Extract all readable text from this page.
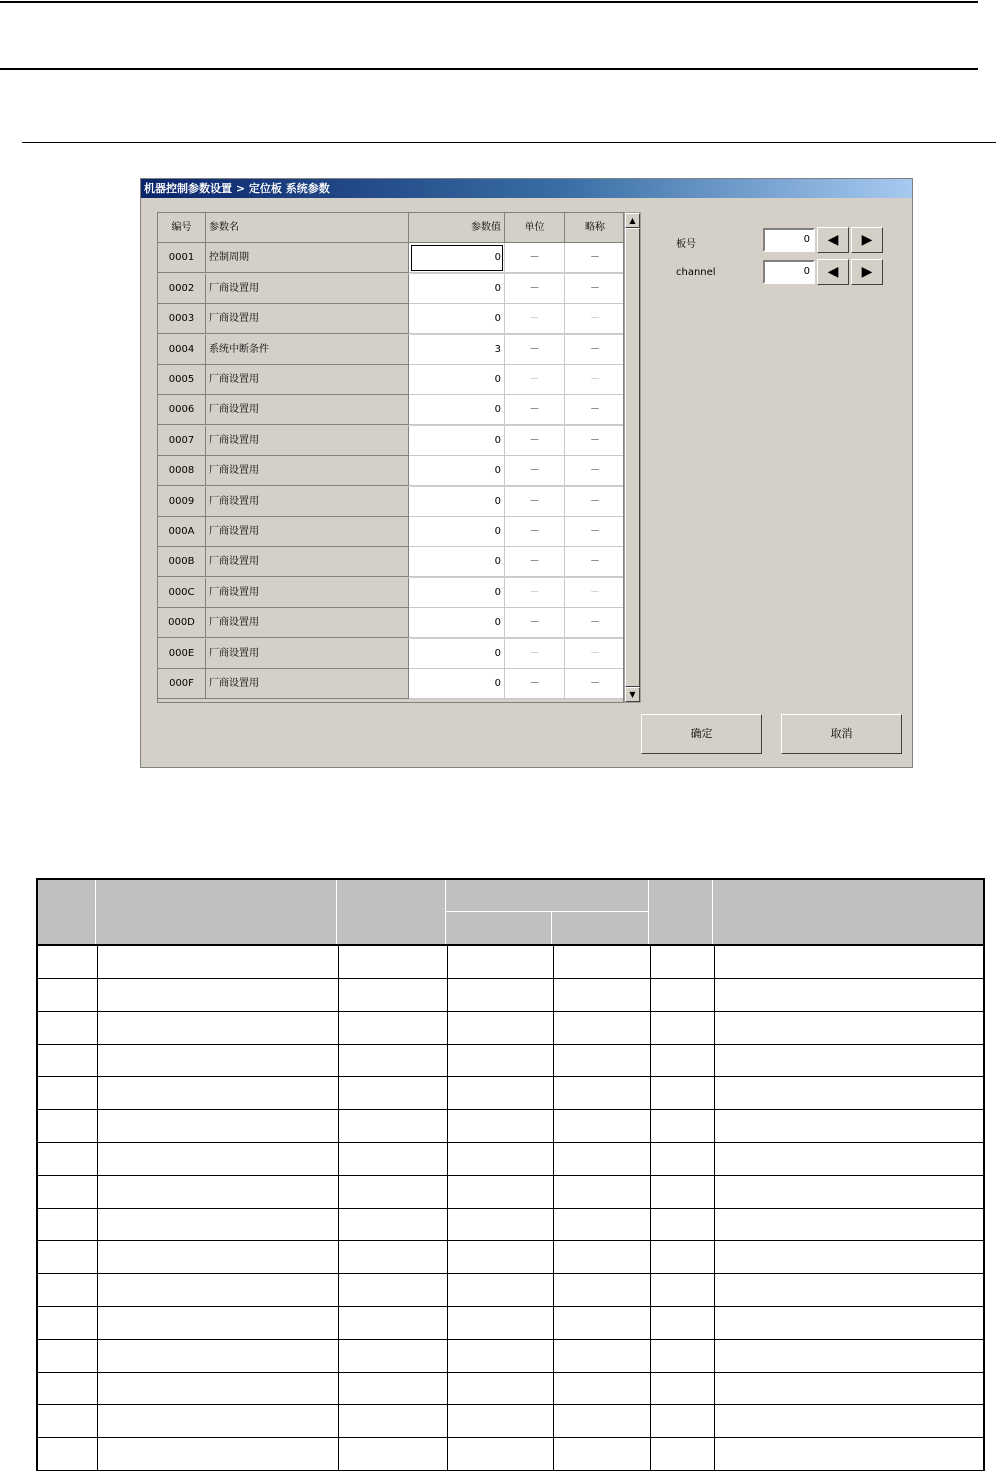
机器控制参数设置 > 定位板 系统参数
编号	参数名	参数值	单位	略称
0001	控制周期	0	－	－
0002	厂商设置用	0	－	－
0003	厂商设置用	0	－	－
0004	系统中断条件	3	－	－
0005	厂商设置用	0	－	－
0006	厂商设置用	0	－	－
0007	厂商设置用	0	－	－
0008	厂商设置用	0	－	－
0009	厂商设置用	0	－	－
000A	厂商设置用	0	－	－
000B	厂商设置用	0	－	－
000C	厂商设置用	0	－	－
000D	厂商设置用	0	－	－
000E	厂商设置用	0	－	－
000F	厂商设置用	0	－	－
▲
▼
板号	0	◀	▶
channel	0	◀	▶
确定	取消
